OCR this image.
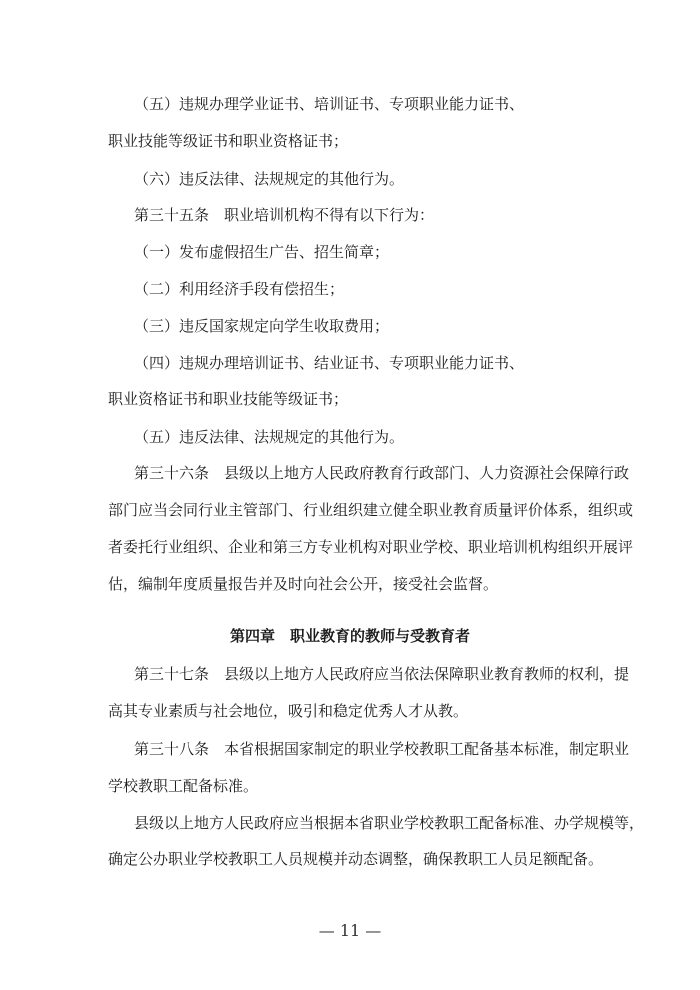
（五）违规办理学业证书、培训证书、专项职业能力证书、
职业技能等级证书和职业资格证书；
（六）违反法律、法规规定的其他行为。
第三十五条　职业培训机构不得有以下行为：
（一）发布虚假招生广告、招生简章；
（二）利用经济手段有偿招生；
（三）违反国家规定向学生收取费用；
（四）违规办理培训证书、结业证书、专项职业能力证书、
职业资格证书和职业技能等级证书；
（五）违反法律、法规规定的其他行为。
第三十六条　县级以上地方人民政府教育行政部门、人力资源社会保障行政
部门应当会同行业主管部门、行业组织建立健全职业教育质量评价体系，组织或
者委托行业组织、企业和第三方专业机构对职业学校、职业培训机构组织开展评
估，编制年度质量报告并及时向社会公开，接受社会监督。
第四章　职业教育的教师与受教育者
第三十七条　县级以上地方人民政府应当依法保障职业教育教师的权利，提
高其专业素质与社会地位，吸引和稳定优秀人才从教。
第三十八条　本省根据国家制定的职业学校教职工配备基本标准，制定职业
学校教职工配备标准。
县级以上地方人民政府应当根据本省职业学校教职工配备标准、办学规模等，
确定公办职业学校教职工人员规模并动态调整，确保教职工人员足额配备。
— 11 —
